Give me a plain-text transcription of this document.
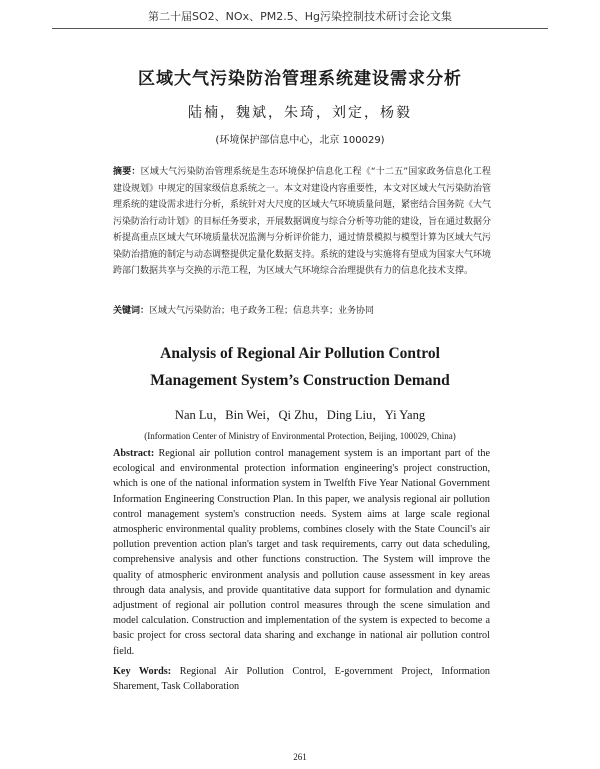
第二十届SO2、NOx、PM2.5、Hg污染控制技术研讨会论文集
区域大气污染防治管理系统建设需求分析
陆楠，魏斌，朱琦，刘定，杨毅
(环境保护部信息中心，北京 100029)
摘要：区域大气污染防治管理系统是生态环境保护信息化工程《“十二五”国家政务信息化工程建设规划》中规定的国家级信息系统之一。本文对建设内容重要性，本文对区域大气污染防治管理系统的建设需求进行分析，系统针对大尺度的区域大气环境质量问题，紧密结合国务院《大气污染防治行动计划》的目标任务要求，开展数据调度与综合分析等功能的建设，旨在通过数据分析提高重点区域大气环境质量状况监测与分析评价能力，通过情景模拟与模型计算为区域大气污染防治措施的制定与动态调整提供定量化数据支持。系统的建设与实施将有望成为国家大气环境跨部门数据共享与交换的示范工程，为区域大气环境综合治理提供有力的信息化技术支撑。
关键词：区域大气污染防治；电子政务工程；信息共享；业务协同
Analysis of Regional Air Pollution Control
Management System’s Construction Demand
Nan Lu，Bin Wei，Qi Zhu，Ding Liu，Yi Yang
(Information Center of Ministry of Environmental Protection, Beijing, 100029, China)
Abstract: Regional air pollution control management system is an important part of the ecological and environmental protection information engineering's project construction, which is one of the national information system in Twelfth Five Year National Government Information Engineering Construction Plan. In this paper, we analysis regional air pollution control management system's construction needs. System aims at large scale regional atmospheric environmental quality problems, combines closely with the State Council's air pollution prevention action plan's target and task requirements, carry out data scheduling, comprehensive analysis and other functions construction. The System will improve the quality of atmospheric environment analysis and pollution cause assessment in key areas through data analysis, and provide quantitative data support for formulation and dynamic adjustment of regional air pollution control measures through the scene simulation and model calculation. Construction and implementation of the system is expected to become a basic project for cross sectoral data sharing and exchange in national air pollution control field.
Key Words: Regional Air Pollution Control, E-government Project, Information Sharement, Task Collaboration
261
